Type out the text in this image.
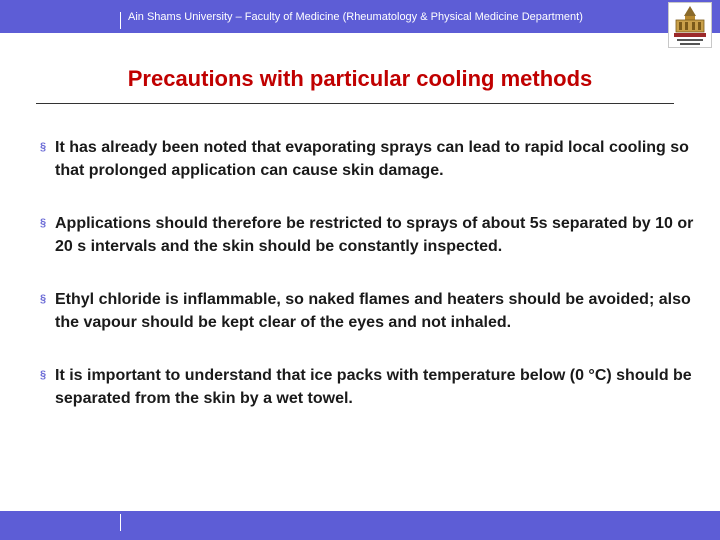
Ain Shams University – Faculty of Medicine (Rheumatology & Physical Medicine Department)
Precautions with particular cooling methods
§ It has already been noted that evaporating sprays can lead to rapid local cooling so that prolonged application can cause skin damage.
§ Applications should therefore be restricted to sprays of about 5s separated by 10 or 20 s intervals and the skin should be constantly inspected.
§ Ethyl chloride is inflammable, so naked flames and heaters should be avoided; also the vapour should be kept clear of the eyes and not inhaled.
§ It is important to understand that ice packs with temperature below (0 °C) should be separated from the skin by a wet towel.
